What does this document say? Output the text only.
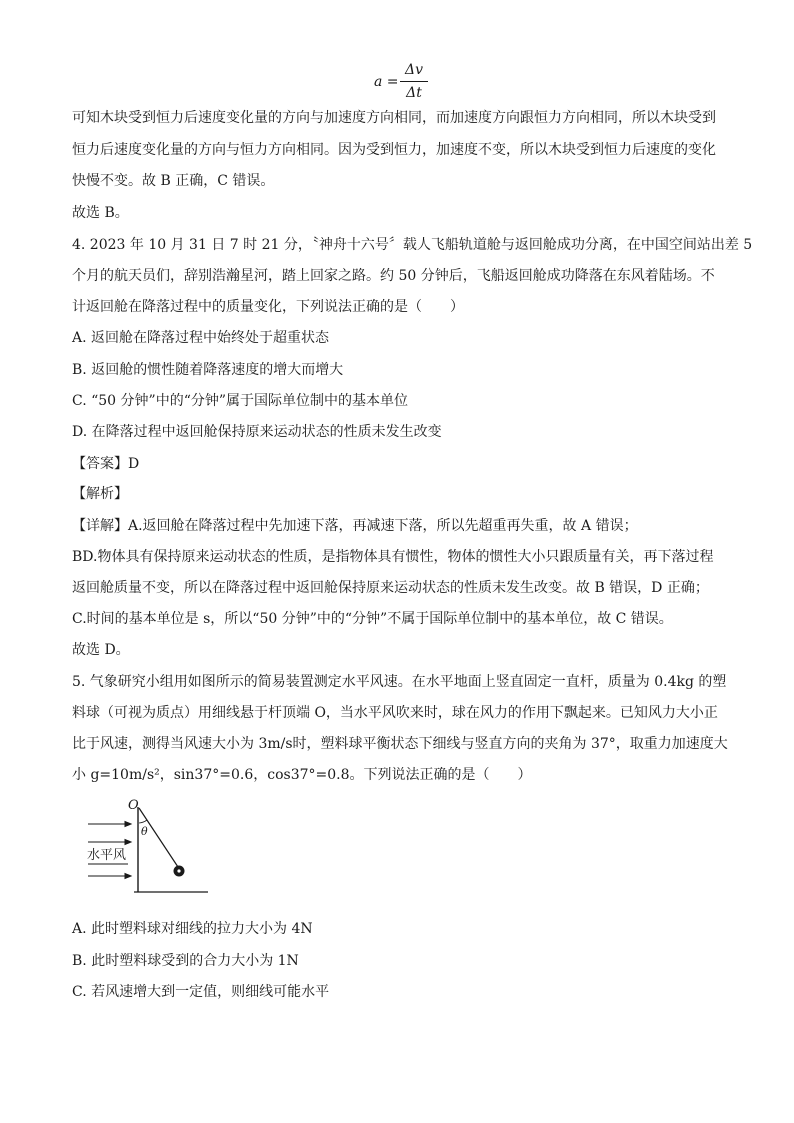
a =
Δv
Δt
可知木块受到恒力后速度变化量的方向与加速度方向相同，而加速度方向跟恒力方向相同，所以木块受到
恒力后速度变化量的方向与恒力方向相同。因为受到恒力，加速度不变，所以木块受到恒力后速度的变化
快慢不变。故 B 正确，C 错误。
故选 B。
4. 2023 年 10 月 31 日 7 时 21 分，〝神舟十六号〞载人飞船轨道舱与返回舱成功分离，在中国空间站出差 5
个月的航天员们，辞别浩瀚星河，踏上回家之路。约 50 分钟后，飞船返回舱成功降落在东风着陆场。不
计返回舱在降落过程中的质量变化，下列说法正确的是（　　）
A. 返回舱在降落过程中始终处于超重状态
B. 返回舱的惯性随着降落速度的增大而增大
C. “50 分钟”中的“分钟”属于国际单位制中的基本单位
D. 在降落过程中返回舱保持原来运动状态的性质未发生改变
【答案】D
【解析】
【详解】A.返回舱在降落过程中先加速下落，再减速下落，所以先超重再失重，故 A 错误；
BD.物体具有保持原来运动状态的性质，是指物体具有惯性，物体的惯性大小只跟质量有关，再下落过程
返回舱质量不变，所以在降落过程中返回舱保持原来运动状态的性质未发生改变。故 B 错误，D 正确；
C.时间的基本单位是 s，所以“50 分钟”中的“分钟”不属于国际单位制中的基本单位，故 C 错误。
故选 D。
5. 气象研究小组用如图所示的简易装置测定水平风速。在水平地面上竖直固定一直杆，质量为 0.4kg 的塑
料球（可视为质点）用细线悬于杆顶端 O，当水平风吹来时，球在风力的作用下飘起来。已知风力大小正
比于风速，测得当风速大小为 3m/s时，塑料球平衡状态下细线与竖直方向的夹角为 37°，取重力加速度大
小 g=10m/s²，sin37°=0.6，cos37°=0.8。下列说法正确的是（　　）
O
θ
水平风
A. 此时塑料球对细线的拉力大小为 4N
B. 此时塑料球受到的合力大小为 1N
C. 若风速增大到一定值，则细线可能水平
